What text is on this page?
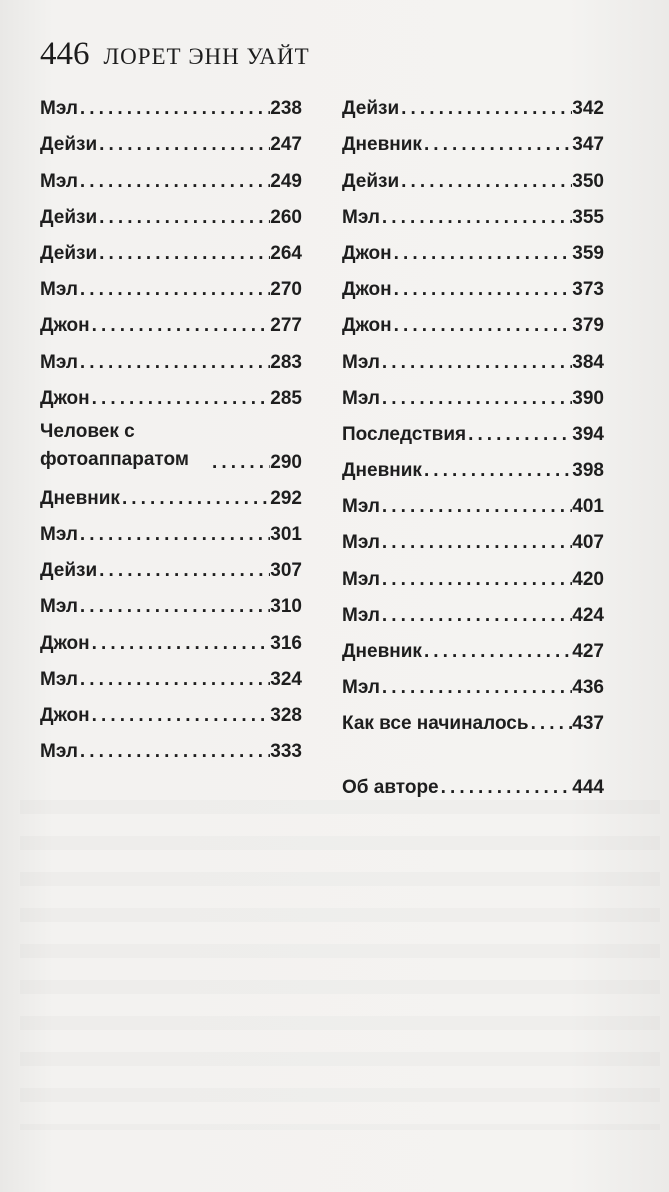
446 ЛОРЕТ ЭНН УАЙТ
Мэл . . .	238
Дейзи . . .	247
Мэл . . .	249
Дейзи . . .	260
Дейзи . . .	264
Мэл . . .	270
Джон . . .	277
Мэл . . .	283
Джон . . .	285
Человек с фотоаппаратом . . .	290
Дневник . . .	292
Мэл . . .	301
Дейзи . . .	307
Мэл . . .	310
Джон . . .	316
Мэл . . .	324
Джон . . .	328
Мэл . . .	333
Дейзи . . .	342
Дневник . . .	347
Дейзи . . .	350
Мэл . . .	355
Джон . . .	359
Джон . . .	373
Джон . . .	379
Мэл . . .	384
Мэл . . .	390
Последствия . . .	394
Дневник . . .	398
Мэл . . .	401
Мэл . . .	407
Мэл . . .	420
Мэл . . .	424
Дневник . . .	427
Мэл . . .	436
Как все начиналось . . . 437
Об авторе . . .	444
